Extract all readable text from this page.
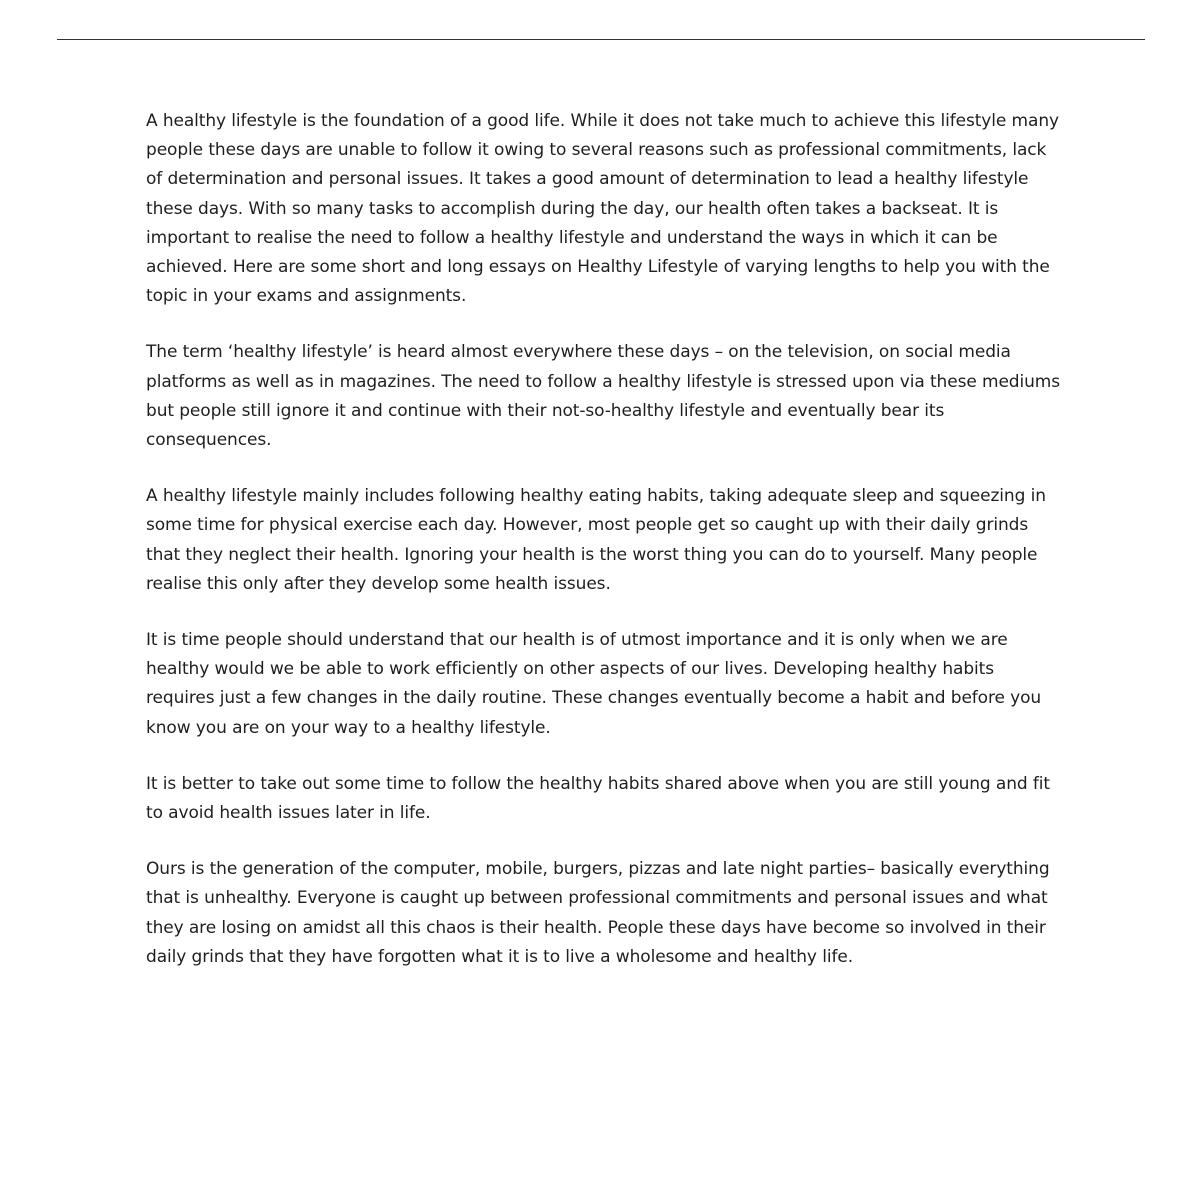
A healthy lifestyle is the foundation of a good life. While it does not take much to achieve this lifestyle many people these days are unable to follow it owing to several reasons such as professional commitments, lack of determination and personal issues. It takes a good amount of determination to lead a healthy lifestyle these days. With so many tasks to accomplish during the day, our health often takes a backseat. It is important to realise the need to follow a healthy lifestyle and understand the ways in which it can be achieved. Here are some short and long essays on Healthy Lifestyle of varying lengths to help you with the topic in your exams and assignments.

The term ‘healthy lifestyle’ is heard almost everywhere these days – on the television, on social media platforms as well as in magazines. The need to follow a healthy lifestyle is stressed upon via these mediums but people still ignore it and continue with their not-so-healthy lifestyle and eventually bear its consequences.

A healthy lifestyle mainly includes following healthy eating habits, taking adequate sleep and squeezing in some time for physical exercise each day. However, most people get so caught up with their daily grinds that they neglect their health. Ignoring your health is the worst thing you can do to yourself. Many people realise this only after they develop some health issues.

It is time people should understand that our health is of utmost importance and it is only when we are healthy would we be able to work efficiently on other aspects of our lives. Developing healthy habits requires just a few changes in the daily routine. These changes eventually become a habit and before you know you are on your way to a healthy lifestyle.

It is better to take out some time to follow the healthy habits shared above when you are still young and fit to avoid health issues later in life.

Ours is the generation of the computer, mobile, burgers, pizzas and late night parties– basically everything that is unhealthy. Everyone is caught up between professional commitments and personal issues and what they are losing on amidst all this chaos is their health. People these days have become so involved in their daily grinds that they have forgotten what it is to live a wholesome and healthy life.
